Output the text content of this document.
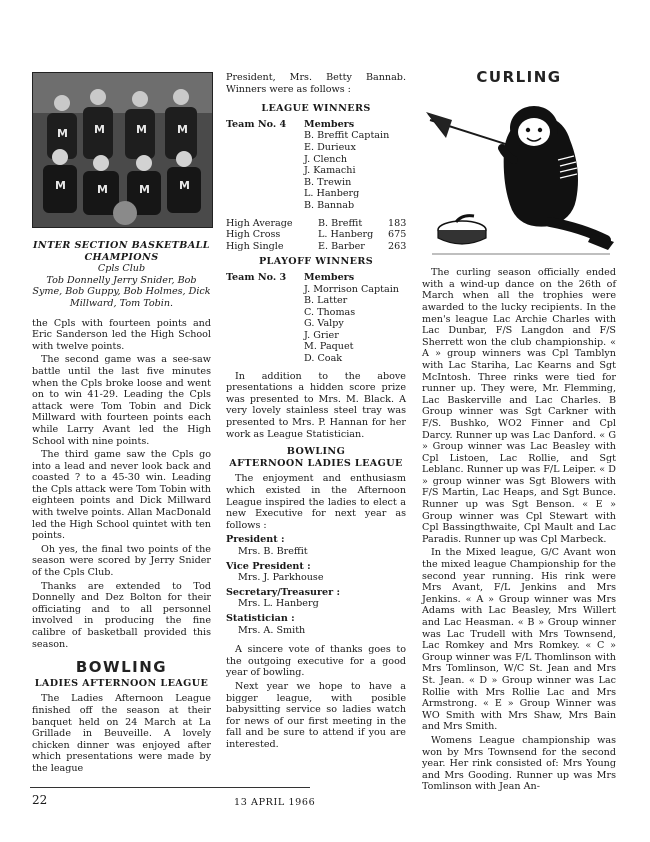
M M	M	M
M	M	M	M
INTER SECTION BASKETBALL CHAMPIONS
Cpls Club
Tob Donnelly Jerry Snider, Bob Syme, Bob Guppy, Bob Holmes, Dick Millward, Tom Tobin.

the Cpls with fourteen points and Eric Sanderson led the High School with twelve points.

The second game was a see-saw battle until the last five minutes when the Cpls broke loose and went on to win 41-29. Leading the Cpls attack were Tom Tobin and Dick Millward with fourteen points each while Larry Avant led the High School with nine points.

The third game saw the Cpls go into a lead and never look back and coasted ? to a 45-30 win. Leading the Cpls attack were Tom Tobin with eighteen points and Dick Millward with twelve points. Allan MacDonald led the High School quintet with ten points.

Oh yes, the final two points of the season were scored by Jerry Snider of the Cpls Club.

Thanks are extended to Tod Donnelly and Dez Bolton for their officiating and to all personnel involved in producing the fine calibre of basketball provided this season.

BOWLING
LADIES AFTERNOON LEAGUE

The Ladies Afternoon League finished off the season at their banquet held on 24 March at La Grillade in Beuveille. A lovely chicken dinner was enjoyed after which presentations were made by the league

President, Mrs. Betty Bannab. Winners were as follows :

LEAGUE WINNERS
Team No. 4	Members
B. Breffit Captain
E. Durieux
J. Clench
J. Kamachi
B. Trewin
L. Hanberg
B. Bannab
High Average	B. Breffit	183
High Cross	L. Hanberg	675
High Single	E. Barber	263
PLAYOFF WINNERS
Team No. 3	Members
J. Morrison Captain
B. Latter
C. Thomas
G. Valpy
J. Grier
M. Paquet
D. Coak

In addition to the above presentations a hidden score prize was presented to Mrs. M. Black. A very lovely stainless steel tray was presented to Mrs. P. Hannan for her work as League Statistician.

BOWLING
AFTERNOON LADIES LEAGUE

The enjoyment and enthusiasm which existed in the Afternoon League inspired the ladies to elect a new Executive for next year as follows :

President :
Mrs. B. Breffit
Vice President :
Mrs. J. Parkhouse
Secretary/Treasurer :
Mrs. L. Hanberg
Statistician :
Mrs. A. Smith

A sincere vote of thanks goes to the outgoing executive for a good year of bowling.

Next year we hope to have a bigger league, with posible babysitting service so ladies watch for news of our first meeting in the fall and be sure to attend if you are interested.

CURLING

The curling season officially ended with a wind-up dance on the 26th of March when all the trophies were awarded to the lucky recipients. In the men's league Lac Archie Charles with Lac Dunbar, F/S Langdon and F/S Sherrett won the club championship. « A » group winners was Cpl Tamblyn with Lac Stariha, Lac Kearns and Sgt McIntosh. Three rinks were tied for runner up. They were, Mr. Flemming, Lac Baskerville and Lac Charles. B Group winner was Sgt Carkner with F/S. Bushko, WO2 Finner and Cpl Darcy. Runner up was Lac Danford. « G » Group winner was Lac Beasley with Cpl Listoen, Lac Rollie, and Sgt Leblanc. Runner up was F/L Leiper. « D » group winner was Sgt Blowers with F/S Martin, Lac Heaps, and Sgt Bunce. Runner up was Sgt Benson. « E » Group winner was Cpl Stewart with Cpl Bassingthwaite, Cpl Mault and Lac Paradis. Runner up was Cpl Marbeck.

In the Mixed league, G/C Avant won the mixed league Championship for the second year running. His rink were Mrs Avant, F/L Jenkins and Mrs Jenkins. « A » Group winner was Mrs Adams with Lac Beasley, Mrs Willert and Lac Heasman. « B » Group winner was Lac Trudell with Mrs Townsend, Lac Romkey and Mrs Romkey. « C » Group winner was F/L Thomlinson with Mrs Tomlinson, W/C St. Jean and Mrs St. Jean. « D » Group winner was Lac Rollie with Mrs Rollie Lac and Mrs Armstrong. « E » Group Winner was WO Smith with Mrs Shaw, Mrs Bain and Mrs Smith.

Womens League championship was won by Mrs Townsend for the second year. Her rink consisted of: Mrs Young and Mrs Gooding. Runner up was Mrs Tomlinson with Jean An-

22	13 APRIL 1966
